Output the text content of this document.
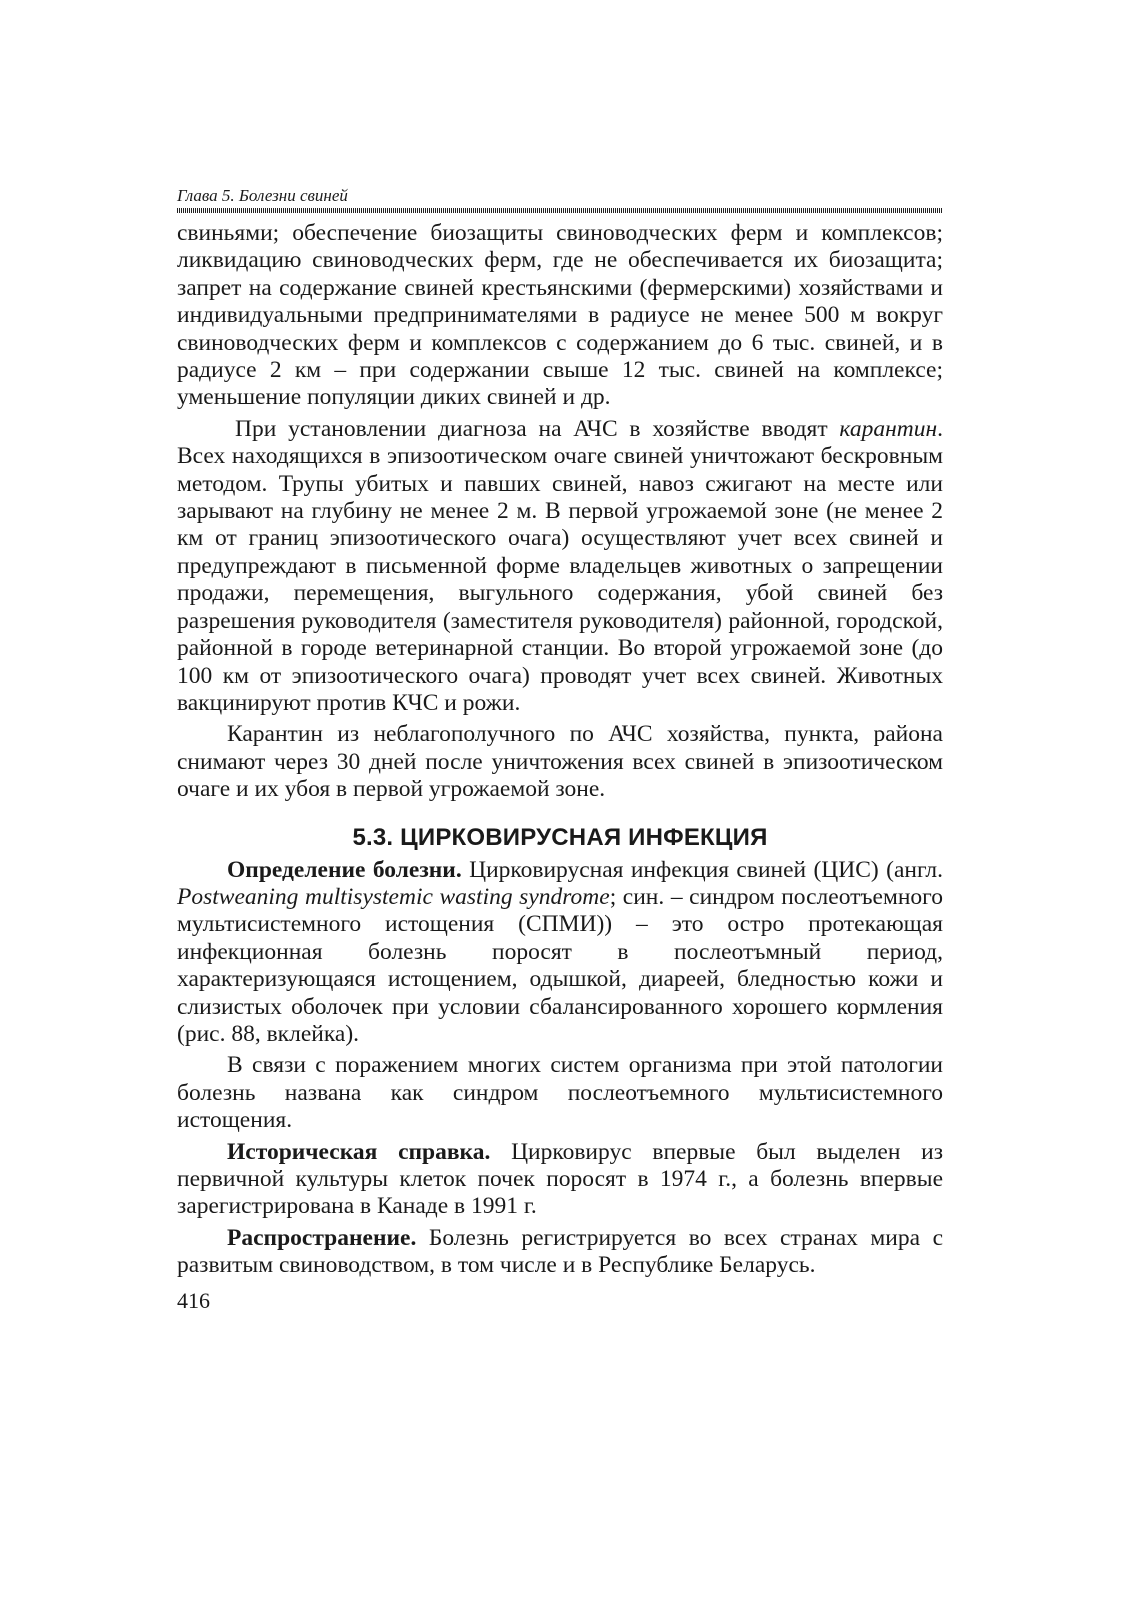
Глава 5. Болезни свиней

свиньями; обеспечение биозащиты свиноводческих ферм и комплексов; ликвидацию свиноводческих ферм, где не обеспечивается их биозащита; запрет на содержание свиней крестьянскими (фермерскими) хозяйствами и индивидуальными предпринимателями в радиусе не менее 500 м вокруг свиноводческих ферм и комплексов с содержанием до 6 тыс. свиней, и в радиусе 2 км – при содержании свыше 12 тыс. свиней на комплексе; уменьшение популяции диких свиней и др.

При установлении диагноза на АЧС в хозяйстве вводят карантин. Всех находящихся в эпизоотическом очаге свиней уничтожают бескровным методом. Трупы убитых и павших свиней, навоз сжигают на месте или зарывают на глубину не менее 2 м. В первой угрожаемой зоне (не менее 2 км от границ эпизоотического очага) осуществляют учет всех свиней и предупреждают в письменной форме владельцев животных о запрещении продажи, перемещения, выгульного содержания, убой свиней без разрешения руководителя (заместителя руководителя) районной, городской, районной в городе ветеринарной станции. Во второй угрожаемой зоне (до 100 км от эпизоотического очага) проводят учет всех свиней. Животных вакцинируют против КЧС и рожи.

Карантин из неблагополучного по АЧС хозяйства, пункта, района снимают через 30 дней после уничтожения всех свиней в эпизоотическом очаге и их убоя в первой угрожаемой зоне.

5.3. ЦИРКОВИРУСНАЯ ИНФЕКЦИЯ

Определение болезни. Цирковирусная инфекция свиней (ЦИС) (англ. Postweaning multisystemic wasting syndrome; син. – синдром послеотъемного мультисистемного истощения (СПМИ)) – это остро протекающая инфекционная болезнь поросят в послеотъмный период, характеризующаяся истощением, одышкой, диареей, бледностью кожи и слизистых оболочек при условии сбалансированного хорошего кормления (рис. 88, вклейка).

В связи с поражением многих систем организма при этой патологии болезнь названа как синдром послеотъемного мультисистемного истощения.

Историческая справка. Цирковирус впервые был выделен из первичной культуры клеток почек поросят в 1974 г., а болезнь впервые зарегистрирована в Канаде в 1991 г.

Распространение. Болезнь регистрируется во всех странах мира с развитым свиноводством, в том числе и в Республике Беларусь.

416
